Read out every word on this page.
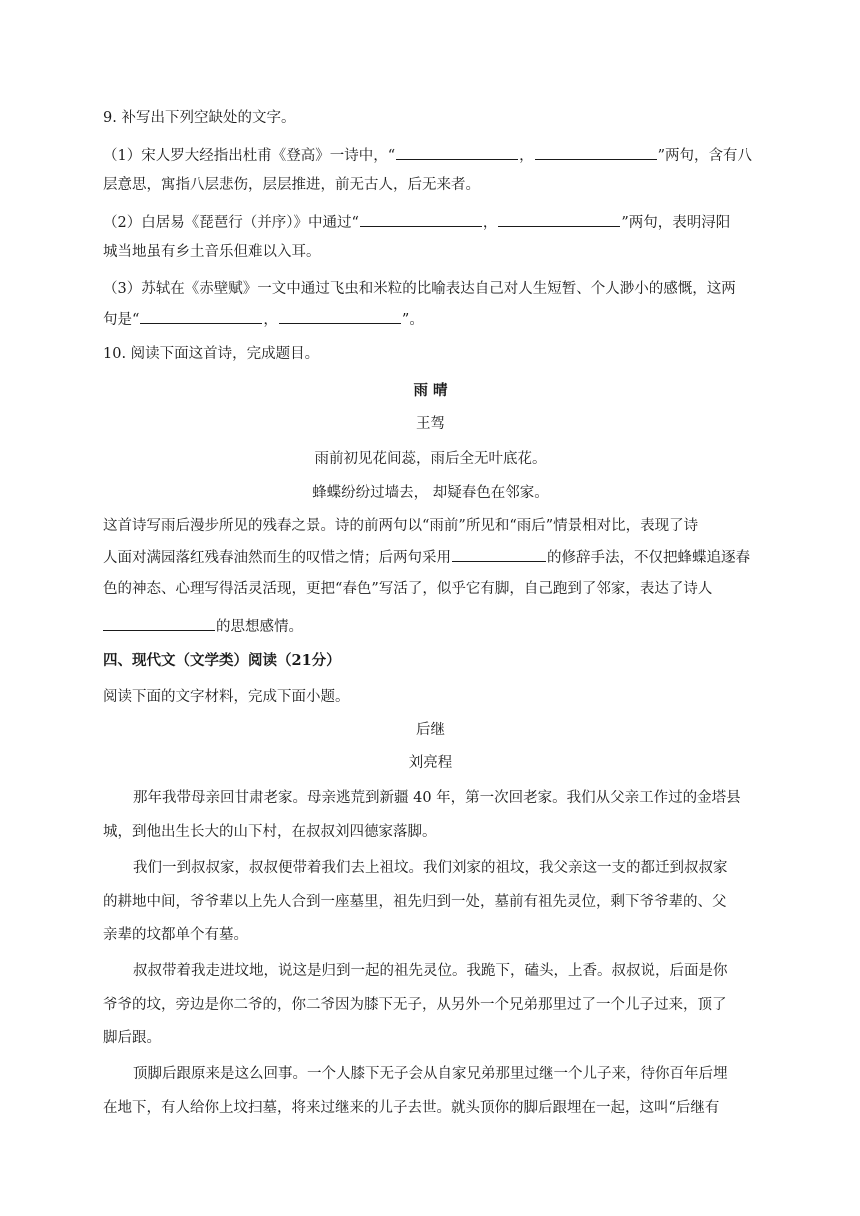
9. 补写出下列空缺处的文字。
（1）宋人罗大经指出杜甫《登高》一诗中，“	，	”两句，含有八
层意思，寓指八层悲伤，层层推进，前无古人，后无来者。
（2）白居易《琵琶行（并序）》中通过“	，	”两句，表明浔阳
城当地虽有乡土音乐但难以入耳。
（3）苏轼在《赤壁赋》一文中通过飞虫和米粒的比喻表达自己对人生短暂、个人渺小的感慨，这两
句是“	，	”。
10. 阅读下面这首诗，完成题目。
雨 晴
王驾
雨前初见花间蕊，雨后全无叶底花。
蜂蝶纷纷过墙去， 却疑春色在邻家。
这首诗写雨后漫步所见的残春之景。诗的前两句以“雨前”所见和“雨后”情景相对比，表现了诗
人面对满园落红残春油然而生的叹惜之情；后两句采用	的修辞手法，不仅把蜂蝶追逐春
色的神态、心理写得活灵活现，更把“春色”写活了，似乎它有脚，自己跑到了邻家，表达了诗人
的思想感情。
四、现代文（文学类）阅读（21分）
阅读下面的文字材料，完成下面小题。
后继
刘亮程
那年我带母亲回甘肃老家。母亲逃荒到新疆 40 年，第一次回老家。我们从父亲工作过的金塔县
城，到他出生长大的山下村，在叔叔刘四德家落脚。
我们一到叔叔家，叔叔便带着我们去上祖坟。我们刘家的祖坟，我父亲这一支的都迁到叔叔家
的耕地中间，爷爷辈以上先人合到一座墓里，祖先归到一处，墓前有祖先灵位，剩下爷爷辈的、父
亲辈的坟都单个有墓。
叔叔带着我走进坟地，说这是归到一起的祖先灵位。我跪下，磕头，上香。叔叔说，后面是你
爷爷的坟，旁边是你二爷的，你二爷因为膝下无子，从另外一个兄弟那里过了一个儿子过来，顶了
脚后跟。
顶脚后跟原来是这么回事。一个人膝下无子会从自家兄弟那里过继一个儿子来，待你百年后埋
在地下，有人给你上坟扫墓，将来过继来的儿子去世。就头顶你的脚后跟埋在一起，这叫“后继有
